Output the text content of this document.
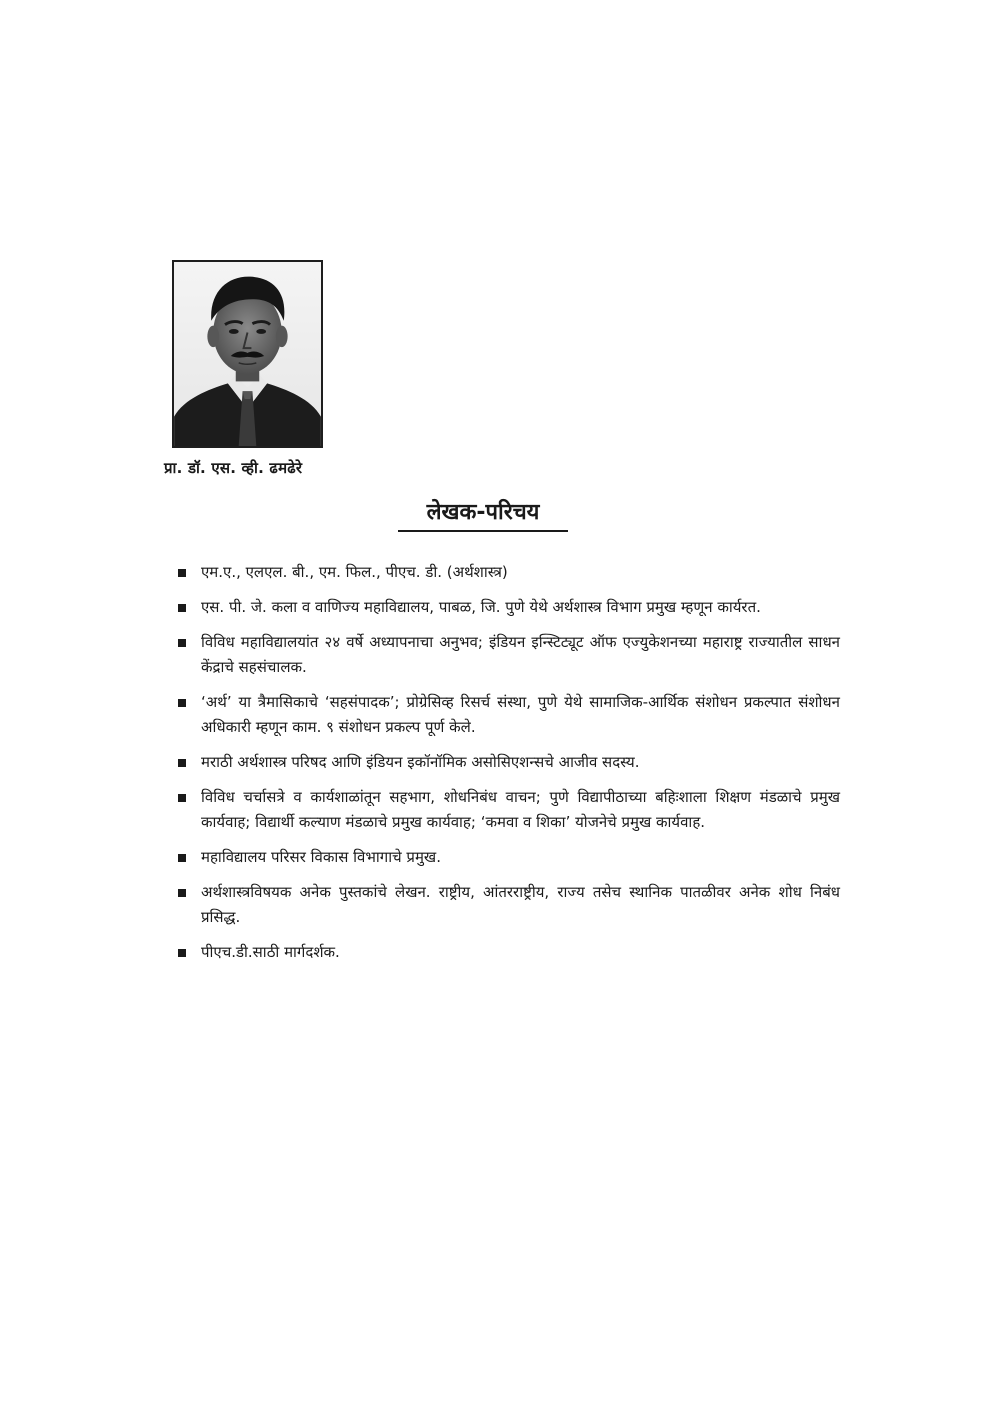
प्रा. डॉ. एस. व्ही. ढमढेरे
लेखक-परिचय
एम.ए., एलएल. बी., एम. फिल., पीएच. डी. (अर्थशास्त्र)
एस. पी. जे. कला व वाणिज्य महाविद्यालय, पाबळ, जि. पुणे येथे अर्थशास्त्र विभाग प्रमुख म्हणून कार्यरत.
विविध महाविद्यालयांत २४ वर्षे अध्यापनाचा अनुभव; इंडियन इन्स्टिट्यूट ऑफ एज्युकेशनच्या महाराष्ट्र राज्यातील साधन केंद्राचे सहसंचालक.
‘अर्थ’ या त्रैमासिकाचे ‘सहसंपादक’; प्रोग्रेसिव्ह रिसर्च संस्था, पुणे येथे सामाजिक-आर्थिक संशोधन प्रकल्पात संशोधन अधिकारी म्हणून काम. ९ संशोधन प्रकल्प पूर्ण केले.
मराठी अर्थशास्त्र परिषद आणि इंडियन इकॉनॉमिक असोसिएशन्सचे आजीव सदस्य.
विविध चर्चासत्रे व कार्यशाळांतून सहभाग, शोधनिबंध वाचन; पुणे विद्यापीठाच्या बहिःशाला शिक्षण मंडळाचे प्रमुख कार्यवाह; विद्यार्थी कल्याण मंडळाचे प्रमुख कार्यवाह; ‘कमवा व शिका’ योजनेचे प्रमुख कार्यवाह.
महाविद्यालय परिसर विकास विभागाचे प्रमुख.
अर्थशास्त्रविषयक अनेक पुस्तकांचे लेखन. राष्ट्रीय, आंतरराष्ट्रीय, राज्य तसेच स्थानिक पातळीवर अनेक शोध निबंध प्रसिद्ध.
पीएच.डी.साठी मार्गदर्शक.
